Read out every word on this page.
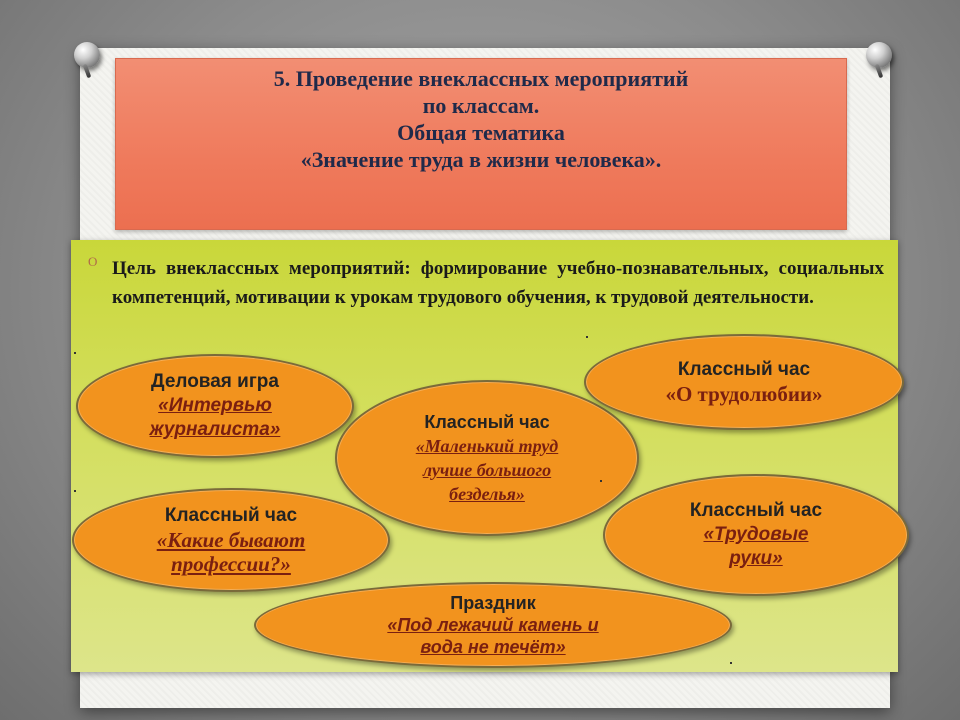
5. Проведение внеклассных мероприятий
по классам.
Общая тематика
«Значение труда в жизни человека».
O Цель внеклассных мероприятий: формирование учебно-познавательных, социальных компетенций, мотивации к урокам трудового обучения, к трудовой деятельности.
Деловая игра
«Интервью
журналиста»	Классный час
«Маленький труд
лучше большого
безделья»
Классный час
«О трудолюбии»
Классный час
«Какие бывают
профессии?»
Классный час
«Трудовые
руки»
Праздник
«Под лежачий камень и
вода не течёт»
